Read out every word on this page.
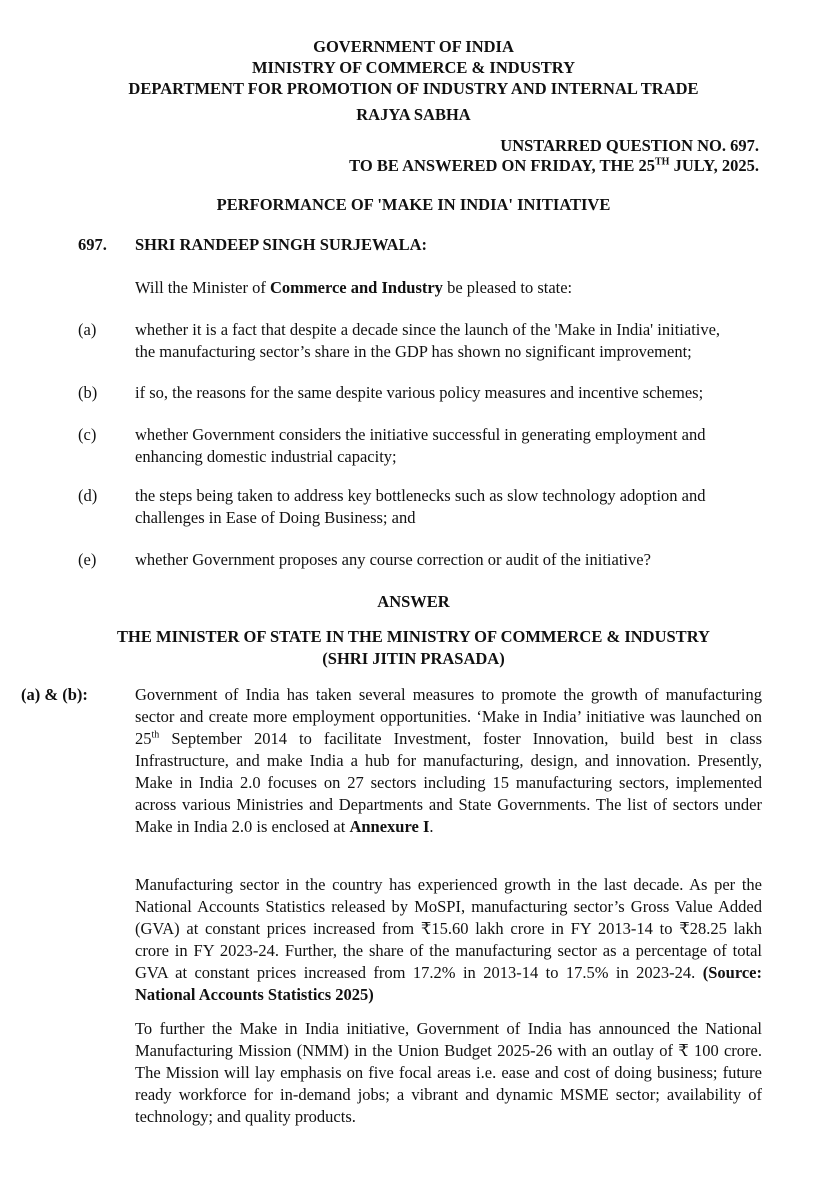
GOVERNMENT OF INDIA
MINISTRY OF COMMERCE & INDUSTRY
DEPARTMENT FOR PROMOTION OF INDUSTRY AND INTERNAL TRADE
RAJYA SABHA
UNSTARRED QUESTION NO. 697.
TO BE ANSWERED ON FRIDAY, THE 25TH JULY, 2025.
PERFORMANCE OF 'MAKE IN INDIA' INITIATIVE
697. SHRI RANDEEP SINGH SURJEWALA:
Will the Minister of Commerce and Industry be pleased to state:
(a) whether it is a fact that despite a decade since the launch of the 'Make in India' initiative,
the manufacturing sector’s share in the GDP has shown no significant improvement;
(b) if so, the reasons for the same despite various policy measures and incentive schemes;
(c) whether Government considers the initiative successful in generating employment and
enhancing domestic industrial capacity;
(d) the steps being taken to address key bottlenecks such as slow technology adoption and
challenges in Ease of Doing Business; and
(e) whether Government proposes any course correction or audit of the initiative?
ANSWER
THE MINISTER OF STATE IN THE MINISTRY OF COMMERCE & INDUSTRY
(SHRI JITIN PRASADA)
(a) & (b):	Government of India has taken several measures to promote the growth of manufacturing sector and create more employment opportunities. ‘Make in India’ initiative was launched on 25th September 2014 to facilitate Investment, foster Innovation, build best in class Infrastructure, and make India a hub for manufacturing, design, and innovation. Presently, Make in India 2.0 focuses on 27 sectors including 15 manufacturing sectors, implemented across various Ministries and Departments and State Governments. The list of sectors under Make in India 2.0 is enclosed at Annexure I.
Manufacturing sector in the country has experienced growth in the last decade. As per the National Accounts Statistics released by MoSPI, manufacturing sector’s Gross Value Added (GVA) at constant prices increased from ₹15.60 lakh crore in FY 2013-14 to ₹28.25 lakh crore in FY 2023-24. Further, the share of the manufacturing sector as a percentage of total GVA at constant prices increased from 17.2% in 2013-14 to 17.5% in 2023-24. (Source: National Accounts Statistics 2025)
To further the Make in India initiative, Government of India has announced the National Manufacturing Mission (NMM) in the Union Budget 2025-26 with an outlay of ₹ 100 crore. The Mission will lay emphasis on five focal areas i.e. ease and cost of doing business; future ready workforce for in-demand jobs; a vibrant and dynamic MSME sector; availability of technology; and quality products.
